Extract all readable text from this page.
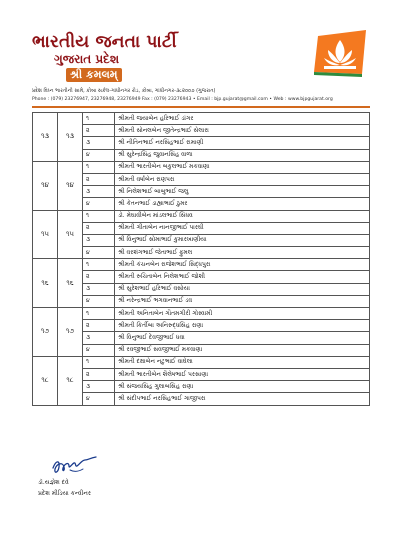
ભારતીય જનતા પાર્ટી
ગુજરાત પ્રદેશ
શ્રી કમલમ્
પ્રદેશ વિધ્ન ભારતીની સામે, કોબા સર્કલ-ગાંધીનગર રોડ, કોબા, ગાંધીનગર-૩૮૨૦૦૭ (ગુજરાત)
Phone : (079) 23276947, 23276948, 23276949 Fax : (079) 23276943 • Email : bjp.gujarat@gmail.com • Web : www.bjpgujarat.org
૧૩	૧૩	૧	શ્રીમતી જયાબેન હરિભાઈ ડાંગર
		૨	શ્રીમતી સોનલબેન જીતેન્દ્રભાઈ સેલારા
		૩	શ્રી નીતિનભાઈ નરસિંહભાઈ રામાણી
		૪	શ્રી સુરેન્દ્રસિંહ જુવાનસિંહ વાળા
૧૪	૧૪	૧	શ્રીમતી ભારતીબેન બકુલભાઈ મકવાણા
		૨	શ્રીમતી વર્ષાબેન રાણપરા
		૩	શ્રી નિલેશભાઈ બાબુભાઈ જલુ
		૪	શ્રી કેતનભાઈ ડાહ્યાભાઈ ઠુમર
૧૫	૧૫	૧	ડો. મેઘાવીબેન માંડલભાઈ સિંધવ
		૨	શ્રીમતી ગીતાબેન નાનજીભાઈ પારઘી
		૩	શ્રી વિનુભાઈ સોમાભાઈ કુમારખાણીયા
		૪	શ્રી વરશંગભાઈ જેતાભાઈ ફુમલ
૧૬	૧૬	૧	શ્રીમતી કંચનબેન રાજેશભાઈ સિદ્ધપુરા
		૨	શ્રીમતી રુચિતાબેન નિલેશભાઈ જોશી
		૩	શ્રી સુરેશભાઈ હરિભાઈ વસોયા
		૪	શ્રી નરેન્દ્રભાઈ ભગવાનભાઈ ડવ
૧૭	૧૭	૧	શ્રીમતી અનિતાબેન ગૌતમગીરી ગોસ્વામી
		૨	શ્રીમતી કિર્તીબા અનિરુદ્ધસિંહ રાણા
		૩	શ્રી વિનુભાઈ દેવજીભાઈ ધવા
		૪	શ્રી રવજીભાઈ સવજીભાઈ મકવાણા
૧૮	૧૮	૧	શ્રીમતી દક્ષાબેન નટુભાઈ વાઘેલા
		૨	શ્રીમતી ભારતીબેન શૈલેષભાઈ પરસાણા
		૩	શ્રી સંજયસિંહ ગુલાબસિંહ રાણા
		૪	શ્રી સંદીપભાઈ નરસિંહભાઈ ગાજીપરા
ડૉ.યજ્ઞેશ દવે
પ્રદેશ મીડિયા કન્વીનર
